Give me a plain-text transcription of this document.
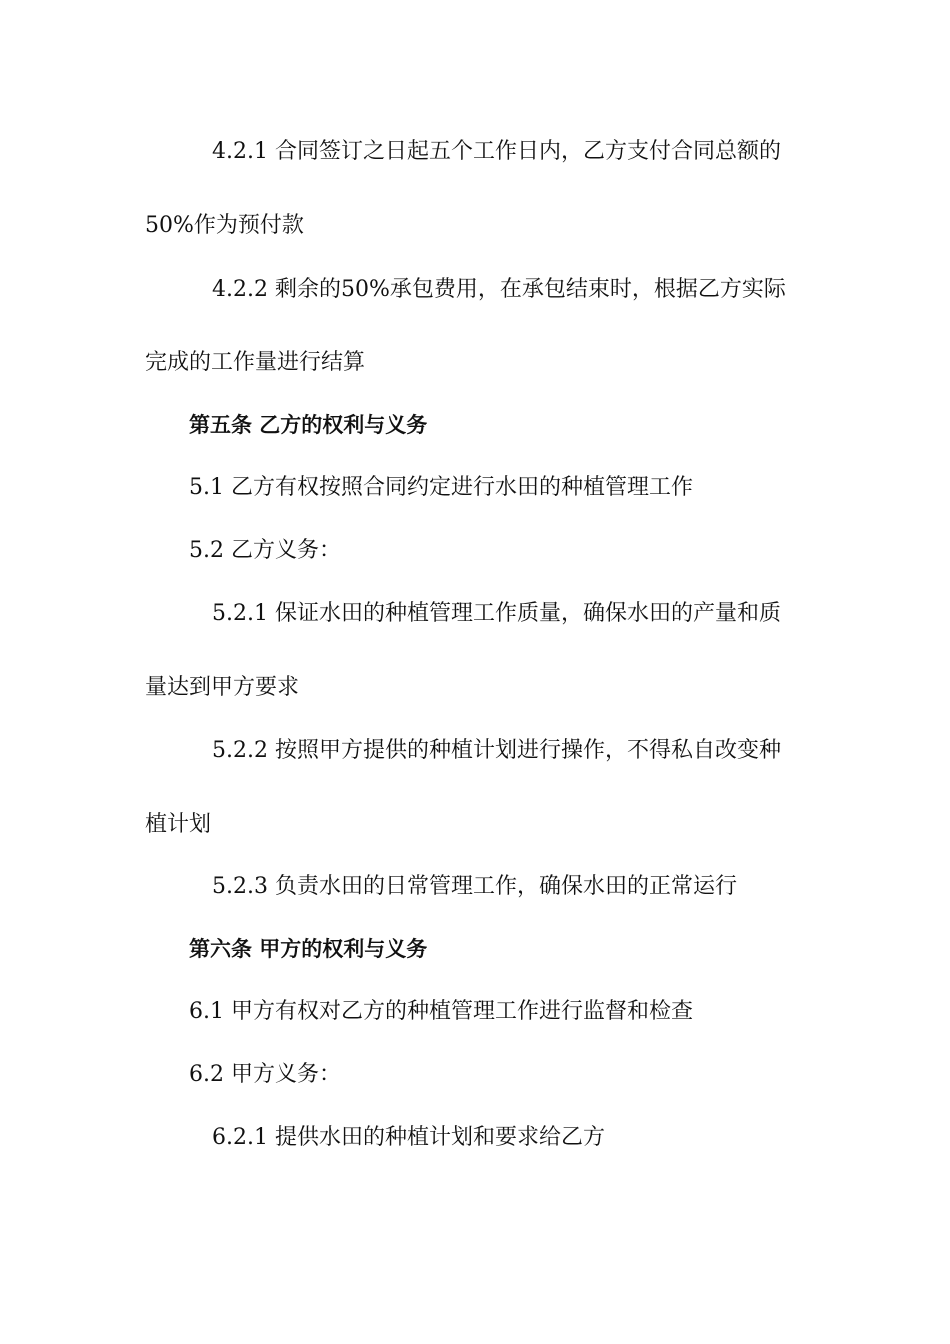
4.2.1 合同签订之日起五个工作日内，乙方支付合同总额的
50%作为预付款
4.2.2 剩余的50%承包费用，在承包结束时，根据乙方实际
完成的工作量进行结算
第五条 乙方的权利与义务
5.1 乙方有权按照合同约定进行水田的种植管理工作
5.2 乙方义务：
5.2.1 保证水田的种植管理工作质量，确保水田的产量和质
量达到甲方要求
5.2.2 按照甲方提供的种植计划进行操作，不得私自改变种
植计划
5.2.3 负责水田的日常管理工作，确保水田的正常运行
第六条 甲方的权利与义务
6.1 甲方有权对乙方的种植管理工作进行监督和检查
6.2 甲方义务：
6.2.1 提供水田的种植计划和要求给乙方
